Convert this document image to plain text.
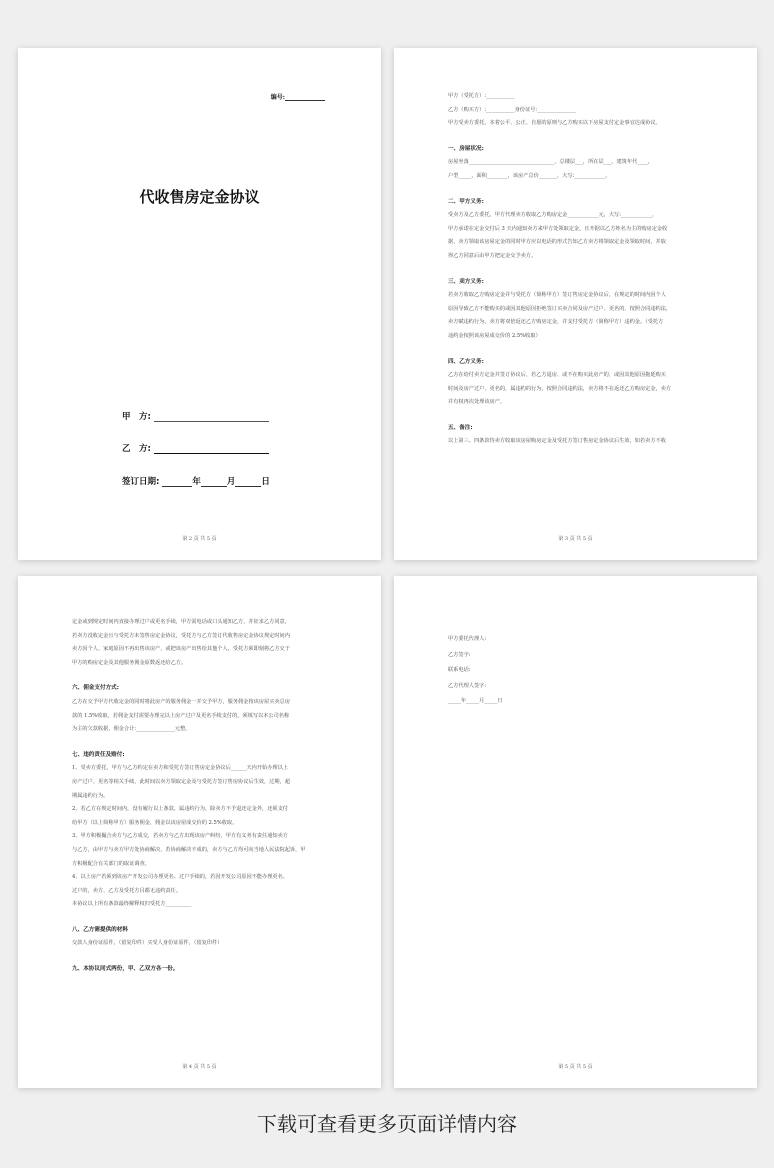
编号:
代收售房定金协议
甲　方:
乙　方:
签订日期:	年	月	日
第 2 页 共 5 页

甲方（受托方）:___________

乙方（购买方）:___________身份证号:_______________

甲方受卖方委托，本着公平、公正、自愿的原则与乙方购买以下房屋支付定金事宜达成协议。

一、房屋状况:

房屋坐落_________________________________，总楼层___，所在层___，建筑年代____，

户型_____，面积________，该房产总价_______，大写:____________。

二、甲方义务:

受卖方及乙方委托，甲方代理卖方收取乙方购房定金____________元，大写:____________，

甲方承诺在定金交付后 3 天内通知卖方来甲方处领取定金，且开据以乙方姓名为主的购房定金收

据，卖方领取该房屋定金的同时甲方应以电话的形式告知乙方卖方将领取定金及领取时间，并取

得乙方同意后由甲方把定金交予卖方。

三、卖方义务:

若卖方收取乙方购房定金并与受托方（简称甲方）签订售房定金协议后，在规定的时间内因个人

原因导致乙方不能购买的或因其他原因拒绝签订买卖合同及房产过户、更名的，按照合同违约法，

卖方赋违约行为，卖方将双倍返还乙方购房定金，并支付受托方（简称甲方）违约金。（受托方

违约金按照该房屋成交价的 2.5%收取）

四、乙方义务:

乙方在给付卖方定金并签订协议后，若乙方退房、或不在购买此房产的，或因其他原因拖延购买

时间及房产过户、更名的，属违约的行为，按照合同违约法，卖方将不在返还乙方购房定金，卖方

并有权再次处理该房产。

五、备注:

以上第三、四条款待卖方收取该房屋购房定金及受托方签订售房定金协议后生效，如若卖方不收

第 3 页 共 5 页

定金或到规定时间内直接办理过户或更名手续，甲方需电话或口头通知乙方，并征求乙方同意，

若卖方没收定金且与受托方未签售房定金协议，受托方与乙方签订代收售房定金协议规定时间内

卖方因个人、家庭原因不再出售该房产，或把该房产出售给其他个人，受托方须即刻将乙方交于

甲方的购房定金及其他服务佣金原数返还给乙方。

六、佣金支付方式:

乙方在交予甲方代收定金的同时将此房产的服务佣金一并交予甲方，服务佣金按该房屋买卖总房

款的 1.5%收取，若佣金支付需要办理完以上房产过户及更名手续支付的，须填写以本公司名称

为主的欠款收据，佣金合计:_______________元整。

七、违约责任及赔付:

1、受卖方委托，甲方与乙方约定在卖方和受托方签订售房定金协议后______天内开始办理以上

房产过户、更名等相关手续，此时间以卖方领取定金及与受托方签订售房协议后生效，过期，超

期属违约行为。

2、若乙方在规定时间内，没有履行以上条款，属违约行为，除卖方不予退还定金外，还须支付

给甲方（以上简称甲方）服务佣金，佣金以该房屋成交价的 2.5%收取。

3、甲方积极撮合卖方与乙方成交，若卖方与乙方出现该房产纠纷，甲方有义务有责任通知卖方

与乙方，由甲方与卖方甲方处协商解决，若协商解决不成的，卖方与乙方均可向当地人民法院起诉，甲

方积极配合有关部门的取证调查。

4、以上房产若须到该房产开发公司办理更名、过户手续的，若因开发公司原因不能办理更名、

过户的，卖方、乙方及受托方目都无违约责任。

本协议以上所有条款最终解释权归受托方__________

八、乙方需提供的材料

交款人身份证原件，（留复印件）买受人身份证原件，（留复印件）

九、本协议同式两份，甲、乙双方各一份。
第 4 页 共 5 页

甲方委托代理人:

乙方签字:

联系电话:

乙方代理人签字:

_____年_____月_____日

第 5 页 共 5 页
下载可查看更多页面详情内容
